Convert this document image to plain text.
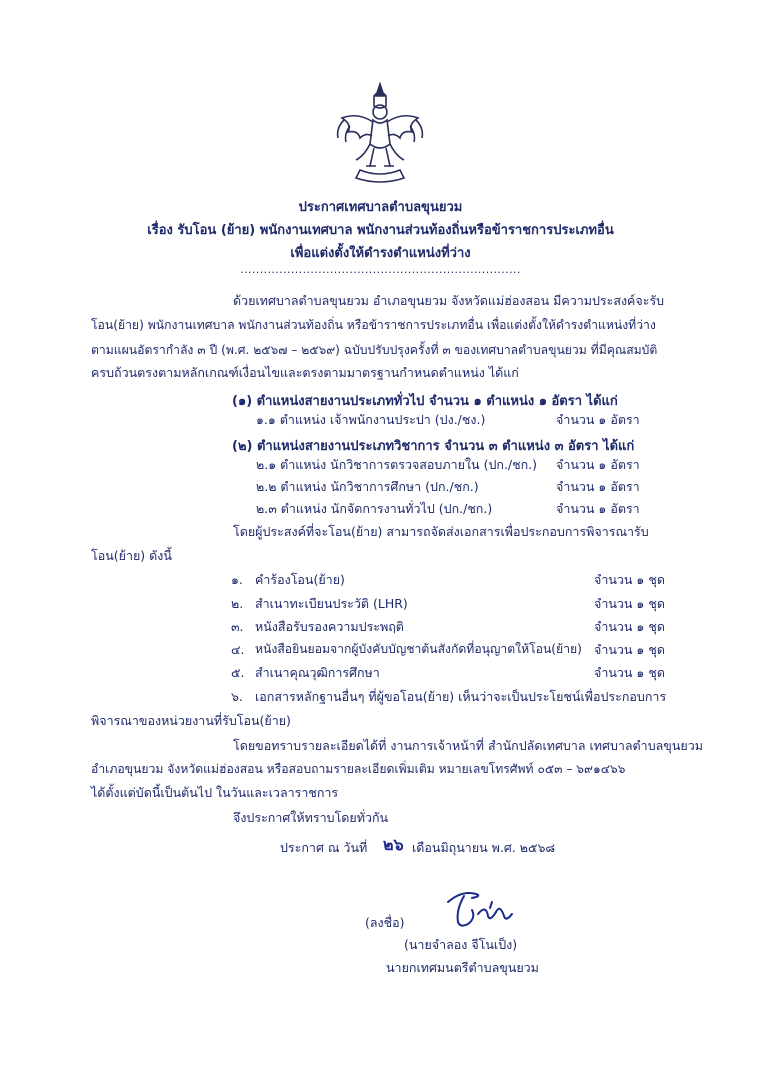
ประกาศเทศบาลตำบลขุนยวม
เรื่อง รับโอน (ย้าย) พนักงานเทศบาล พนักงานส่วนท้องถิ่นหรือข้าราชการประเภทอื่น
เพื่อแต่งตั้งให้ดำรงตำแหน่งที่ว่าง
........................................................................
ด้วยเทศบาลตำบลขุนยวม อำเภอขุนยวม จังหวัดแม่ฮ่องสอน มีความประสงค์จะรับ
โอน(ย้าย) พนักงานเทศบาล พนักงานส่วนท้องถิ่น หรือข้าราชการประเภทอื่น เพื่อแต่งตั้งให้ดำรงตำแหน่งที่ว่าง
ตามแผนอัตรากำลัง ๓ ปี (พ.ศ. ๒๕๖๗ – ๒๕๖๙) ฉบับปรับปรุงครั้งที่ ๓ ของเทศบาลตำบลขุนยวม ที่มีคุณสมบัติ
ครบถ้วนตรงตามหลักเกณฑ์เงื่อนไขและตรงตามมาตรฐานกำหนดตำแหน่ง ได้แก่
(๑) ตำแหน่งสายงานประเภททั่วไป จำนวน ๑ ตำแหน่ง ๑ อัตรา ได้แก่
๑.๑ ตำแหน่ง เจ้าพนักงานประปา (ปง./ชง.)	จำนวน ๑ อัตรา
(๒) ตำแหน่งสายงานประเภทวิชาการ จำนวน ๓ ตำแหน่ง ๓ อัตรา ได้แก่
๒.๑ ตำแหน่ง นักวิชาการตรวจสอบภายใน (ปก./ชก.) จำนวน ๑ อัตรา
๒.๒ ตำแหน่ง นักวิชาการศึกษา (ปก./ชก.)	จำนวน ๑ อัตรา
๒.๓ ตำแหน่ง นักจัดการงานทั่วไป (ปก./ชก.)	จำนวน ๑ อัตรา
โดยผู้ประสงค์ที่จะโอน(ย้าย) สามารถจัดส่งเอกสารเพื่อประกอบการพิจารณารับ
โอน(ย้าย) ดังนี้
๑. คำร้องโอน(ย้าย)	จำนวน ๑ ชุด
๒. สำเนาทะเบียนประวัติ (LHR)	จำนวน ๑ ชุด
๓. หนังสือรับรองความประพฤติ	จำนวน ๑ ชุด
๔. หนังสือยินยอมจากผู้บังคับบัญชาต้นสังกัดที่อนุญาตให้โอน(ย้าย) จำนวน ๑ ชุด
๕. สำเนาคุณวุฒิการศึกษา	จำนวน ๑ ชุด
๖. เอกสารหลักฐานอื่นๆ ที่ผู้ขอโอน(ย้าย) เห็นว่าจะเป็นประโยชน์เพื่อประกอบการ
พิจารณาของหน่วยงานที่รับโอน(ย้าย)
โดยขอทราบรายละเอียดได้ที่ งานการเจ้าหน้าที่ สำนักปลัดเทศบาล เทศบาลตำบลขุนยวม
อำเภอขุนยวม จังหวัดแม่ฮ่องสอน หรือสอบถามรายละเอียดเพิ่มเติม หมายเลขโทรศัพท์ ๐๕๓ – ๖๙๑๔๖๖
ได้ตั้งแต่บัดนี้เป็นต้นไป ในวันและเวลาราชการ
จึงประกาศให้ทราบโดยทั่วกัน
ประกาศ ณ วันที่ ๒๖ เดือนมิถุนายน พ.ศ. ๒๕๖๘
(ลงชื่อ)
(นายจำลอง จีโนเป็ง)
นายกเทศมนตรีตำบลขุนยวม
